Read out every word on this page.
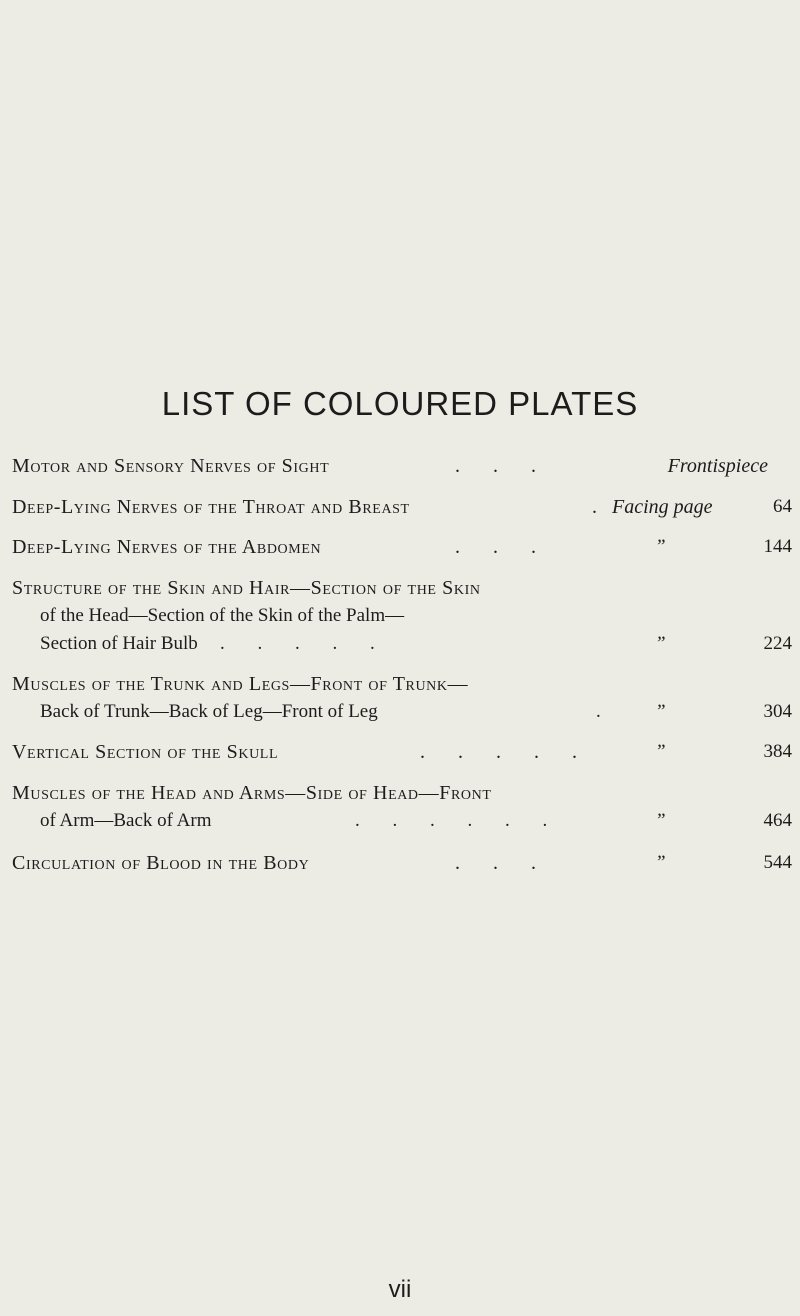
LIST OF COLOURED PLATES
Motor and Sensory Nerves of Sight	. . .	Frontispiece
Deep-Lying Nerves of the Throat and Breast	. Facing page	64
Deep-Lying Nerves of the Abdomen	. . .	”	144
Structure of the Skin and Hair—Section of the Skin
of the Head—Section of the Skin of the Palm—
Section of Hair Bulb . . . . .	”	224
Muscles of the Trunk and Legs—Front of Trunk—
Back of Trunk—Back of Leg—Front of Leg	. ”	304
Vertical Section of the Skull	. . . . .	”	384
Muscles of the Head and Arms—Side of Head—Front
of Arm—Back of Arm	. . . . . .	”	464
Circulation of Blood in the Body	. . .	”	544
vii
